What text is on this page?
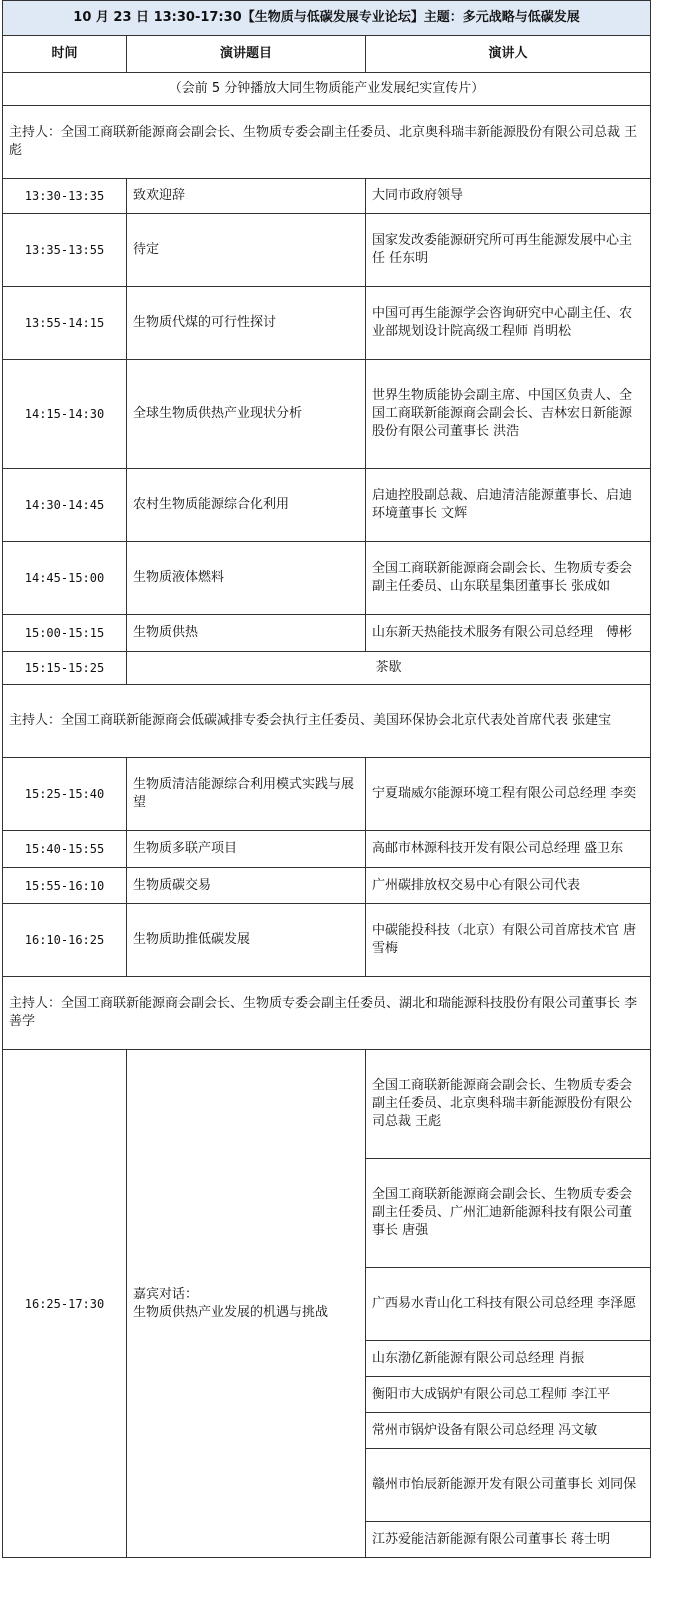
10 月 23 日 13:30-17:30【生物质与低碳发展专业论坛】主题：多元战略与低碳发展		
时间	演讲题目	演讲人
（会前 5 分钟播放大同生物质能产业发展纪实宣传片）		
主持人：全国工商联新能源商会副会长、生物质专委会副主任委员、北京奥科瑞丰新能源股份有限公司总裁 王彪		
13:30-13:35	致欢迎辞	大同市政府领导
13:35-13:55	待定	国家发改委能源研究所可再生能源发展中心主任 任东明
13:55-14:15	生物质代煤的可行性探讨	中国可再生能源学会咨询研究中心副主任、农业部规划设计院高级工程师 肖明松
14:15-14:30	全球生物质供热产业现状分析	世界生物质能协会副主席、中国区负责人、全国工商联新能源商会副会长、吉林宏日新能源股份有限公司董事长 洪浩
14:30-14:45	农村生物质能源综合化利用	启迪控股副总裁、启迪清洁能源董事长、启迪环境董事长 文辉
14:45-15:00	生物质液体燃料	全国工商联新能源商会副会长、生物质专委会副主任委员、山东联星集团董事长 张成如
15:00-15:15	生物质供热	山东新天热能技术服务有限公司总经理　傅彬
15:15-15:25	茶歇	
主持人：全国工商联新能源商会低碳减排专委会执行主任委员、美国环保协会北京代表处首席代表 张建宝		
15:25-15:40	生物质清洁能源综合利用模式实践与展望	宁夏瑞威尔能源环境工程有限公司总经理 李奕
15:40-15:55	生物质多联产项目	高邮市林源科技开发有限公司总经理 盛卫东
15:55-16:10	生物质碳交易	广州碳排放权交易中心有限公司代表
16:10-16:25	生物质助推低碳发展	中碳能投科技（北京）有限公司首席技术官 唐雪梅
主持人：全国工商联新能源商会副会长、生物质专委会副主任委员、湖北和瑞能源科技股份有限公司董事长 李善学		
16:25-17:30	嘉宾对话：
生物质供热产业发展的机遇与挑战	全国工商联新能源商会副会长、生物质专委会副主任委员、北京奥科瑞丰新能源股份有限公司总裁 王彪
		全国工商联新能源商会副会长、生物质专委会副主任委员、广州汇迪新能源科技有限公司董事长 唐强
		广西易水青山化工科技有限公司总经理 李泽愿
		山东渤亿新能源有限公司总经理 肖振
		衡阳市大成锅炉有限公司总工程师 李江平
		常州市锅炉设备有限公司总经理 冯文敏
		赣州市怡辰新能源开发有限公司董事长 刘同保
		江苏爱能洁新能源有限公司董事长 蒋士明
